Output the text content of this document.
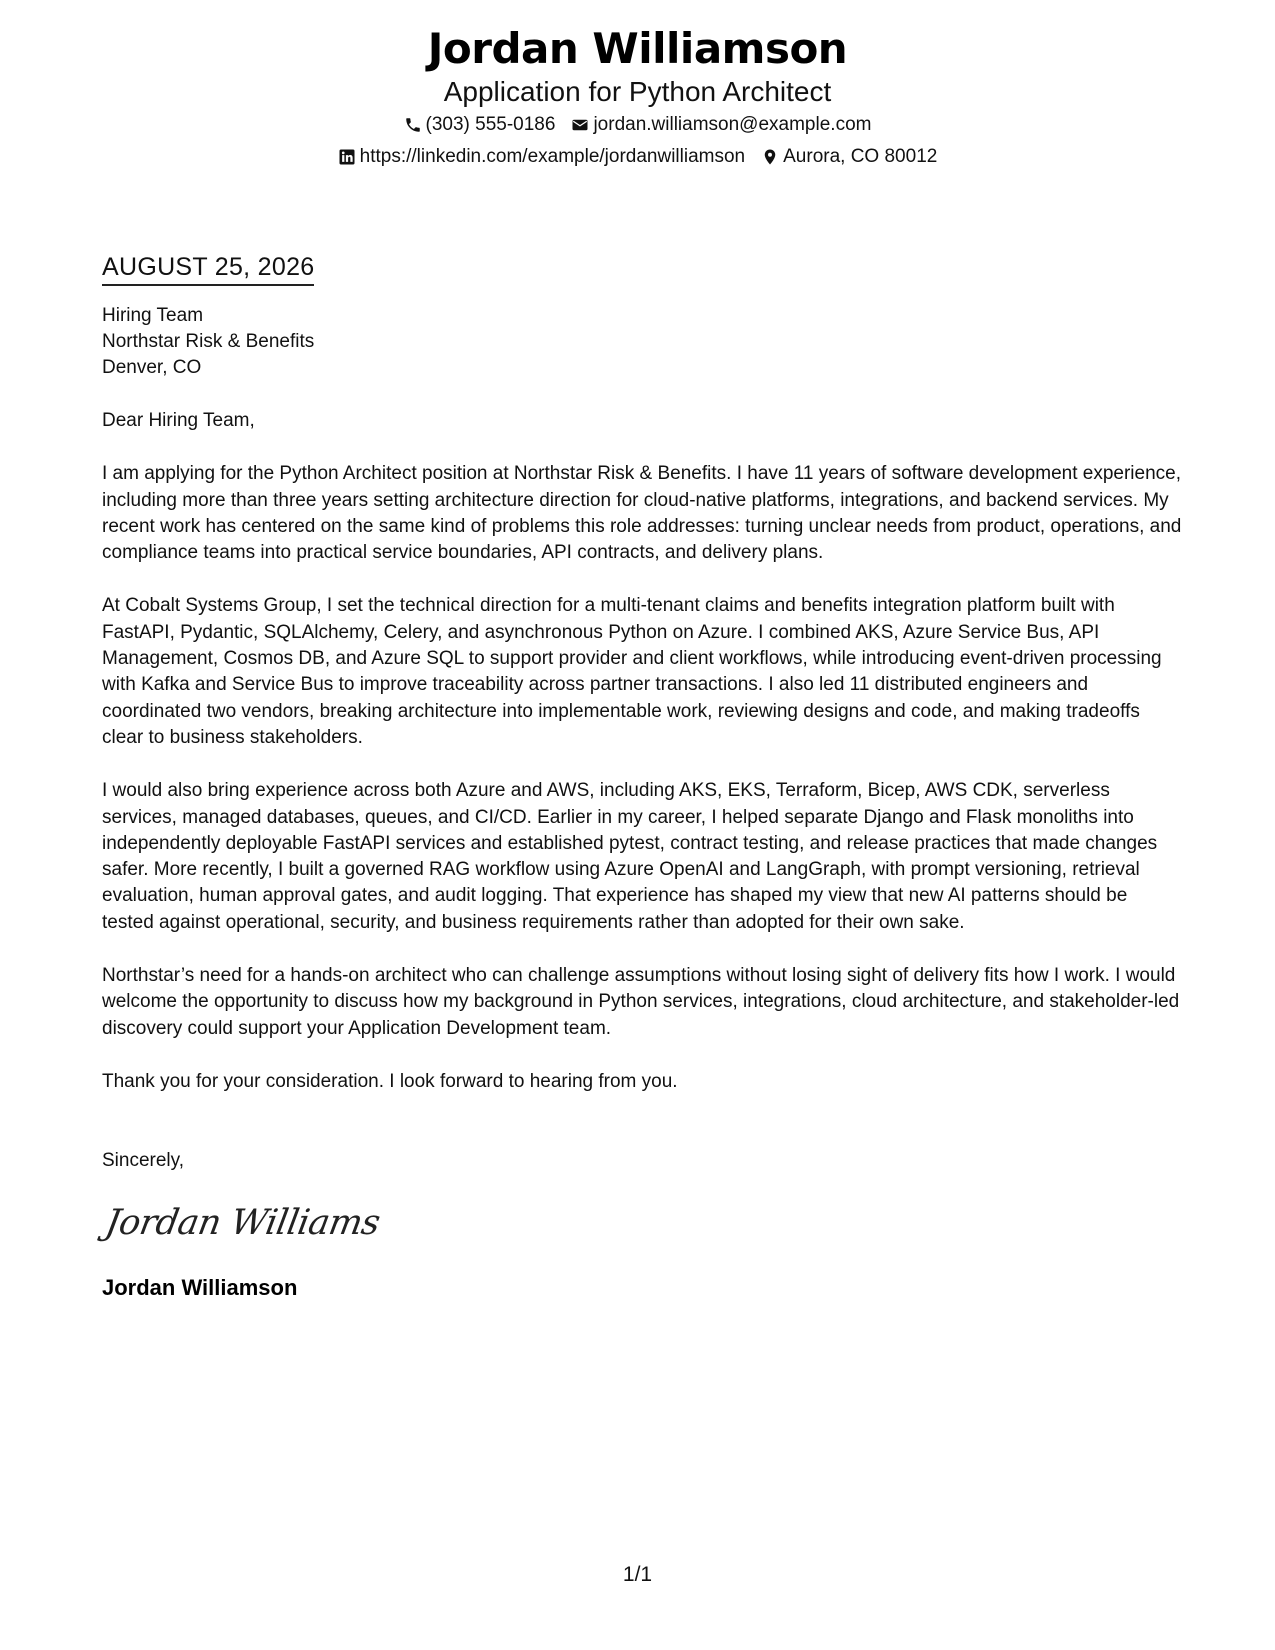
Jordan Williamson
Application for Python Architect
(303) 555-0186 jordan.williamson@example.com
https://linkedin.com/example/jordanwilliamson Aurora, CO 80012
AUGUST 25, 2026
Hiring Team
Northstar Risk & Benefits
Denver, CO
Dear Hiring Team,
I am applying for the Python Architect position at Northstar Risk & Benefits. I have 11 years of software development experience, including more than three years setting architecture direction for cloud-native platforms, integrations, and backend services. My recent work has centered on the same kind of problems this role addresses: turning unclear needs from product, operations, and compliance teams into practical service boundaries, API contracts, and delivery plans.
At Cobalt Systems Group, I set the technical direction for a multi-tenant claims and benefits integration platform built with FastAPI, Pydantic, SQLAlchemy, Celery, and asynchronous Python on Azure. I combined AKS, Azure Service Bus, API Management, Cosmos DB, and Azure SQL to support provider and client workflows, while introducing event-driven processing with Kafka and Service Bus to improve traceability across partner transactions. I also led 11 distributed engineers and coordinated two vendors, breaking architecture into implementable work, reviewing designs and code, and making tradeoffs clear to business stakeholders.
I would also bring experience across both Azure and AWS, including AKS, EKS, Terraform, Bicep, AWS CDK, serverless services, managed databases, queues, and CI/CD. Earlier in my career, I helped separate Django and Flask monoliths into independently deployable FastAPI services and established pytest, contract testing, and release practices that made changes safer. More recently, I built a governed RAG workflow using Azure OpenAI and LangGraph, with prompt versioning, retrieval evaluation, human approval gates, and audit logging. That experience has shaped my view that new AI patterns should be tested against operational, security, and business requirements rather than adopted for their own sake.
Northstar’s need for a hands-on architect who can challenge assumptions without losing sight of delivery fits how I work. I would welcome the opportunity to discuss how my background in Python services, integrations, cloud architecture, and stakeholder-led discovery could support your Application Development team.
Thank you for your consideration. I look forward to hearing from you.
Sincerely,
Jordan Williams
Jordan Williamson
1/1
